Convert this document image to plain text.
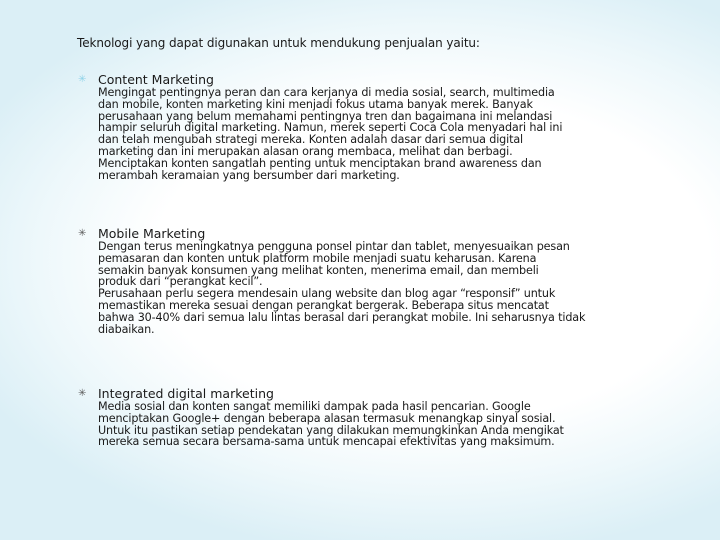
Teknologi yang dapat digunakan untuk mendukung penjualan yaitu:

✳ Content Marketing
Mengingat pentingnya peran dan cara kerjanya di media sosial, search, multimedia
dan mobile, konten marketing kini menjadi fokus utama banyak merek. Banyak
perusahaan yang belum memahami pentingnya tren dan bagaimana ini melandasi
hampir seluruh digital marketing. Namun, merek seperti Coca Cola menyadari hal ini
dan telah mengubah strategi mereka. Konten adalah dasar dari semua digital
marketing dan ini merupakan alasan orang membaca, melihat dan berbagi.
Menciptakan konten sangatlah penting untuk menciptakan brand awareness dan
merambah keramaian yang bersumber dari marketing.
✳ Mobile Marketing
Dengan terus meningkatnya pengguna ponsel pintar dan tablet, menyesuaikan pesan
pemasaran dan konten untuk platform mobile menjadi suatu keharusan. Karena
semakin banyak konsumen yang melihat konten, menerima email, dan membeli
produk dari “perangkat kecil”.
Perusahaan perlu segera mendesain ulang website dan blog agar “responsif” untuk
memastikan mereka sesuai dengan perangkat bergerak. Beberapa situs mencatat
bahwa 30-40% dari semua lalu lintas berasal dari perangkat mobile. Ini seharusnya tidak
diabaikan.
✳ Integrated digital marketing
Media sosial dan konten sangat memiliki dampak pada hasil pencarian. Google
menciptakan Google+ dengan beberapa alasan termasuk menangkap sinyal sosial.
Untuk itu pastikan setiap pendekatan yang dilakukan memungkinkan Anda mengikat
mereka semua secara bersama-sama untuk mencapai efektivitas yang maksimum.
